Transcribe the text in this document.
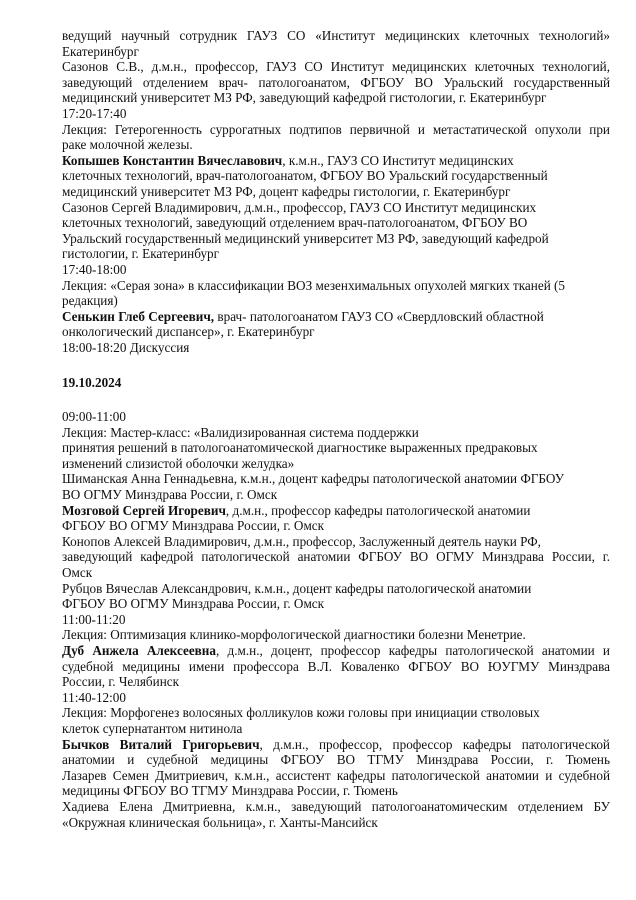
ведущий научный сотрудник ГАУЗ СО «Институт медицинских клеточных технологий»
Екатеринбург
Сазонов С.В., д.м.н., профессор, ГАУЗ СО Институт медицинских клеточных технологий,
заведующий отделением врач- патологоанатом, ФГБОУ ВО Уральский государственный
медицинский университет МЗ РФ, заведующий кафедрой гистологии, г. Екатеринбург
17:20-17:40
Лекция: Гетерогенность суррогатных подтипов первичной и метастатической опухоли при
раке молочной железы.
Копышев Константин Вячеславович, к.м.н., ГАУЗ СО Институт медицинских
клеточных технологий, врач-патологоанатом, ФГБОУ ВО Уральский государственный
медицинский университет МЗ РФ, доцент кафедры гистологии, г. Екатеринбург
Сазонов Сергей Владимирович, д.м.н., профессор, ГАУЗ СО Институт медицинских
клеточных технологий, заведующий отделением врач-патологоанатом, ФГБОУ ВО
Уральский государственный медицинский университет МЗ РФ, заведующий кафедрой
гистологии, г. Екатеринбург
17:40-18:00
Лекция: «Серая зона» в классификации ВОЗ мезенхимальных опухолей мягких тканей (5
редакция)
Сенькин Глеб Сергеевич, врач- патологоанатом ГАУЗ СО «Свердловский областной
онкологический диспансер», г. Екатеринбург
18:00-18:20 Дискуссия
19.10.2024
09:00-11:00
Лекция: Мастер-класс: «Валидизированная система поддержки
принятия решений в патологоанатомической диагностике выраженных предраковых
изменений слизистой оболочки желудка»
Шиманская Анна Геннадьевна, к.м.н., доцент кафедры патологической анатомии ФГБОУ
ВО ОГМУ Минздрава России, г. Омск
Мозговой Сергей Игоревич, д.м.н., профессор кафедры патологической анатомии
ФГБОУ ВО ОГМУ Минздрава России, г. Омск
Конопов Алексей Владимирович, д.м.н., профессор, Заслуженный деятель науки РФ,
заведующий кафедрой патологической анатомии ФГБОУ ВО ОГМУ Минздрава России, г.
Омск
Рубцов Вячеслав Александрович, к.м.н., доцент кафедры патологической анатомии
ФГБОУ ВО ОГМУ Минздрава России, г. Омск
11:00-11:20
Лекция: Оптимизация клинико-морфологической диагностики болезни Менетрие.
Дуб Анжела Алексеевна, д.м.н., доцент, профессор кафедры патологической анатомии и
судебной медицины имени профессора В.Л. Коваленко ФГБОУ ВО ЮУГМУ Минздрава
России, г. Челябинск
11:40-12:00
Лекция: Морфогенез волосяных фолликулов кожи головы при инициации стволовых
клеток супернатантом нитинола
Бычков Виталий Григорьевич, д.м.н., профессор, профессор кафедры патологической
анатомии и судебной медицины ФГБОУ ВО ТГМУ Минздрава России, г. Тюмень
Лазарев Семен Дмитриевич, к.м.н., ассистент кафедры патологической анатомии и судебной
медицины ФГБОУ ВО ТГМУ Минздрава России, г. Тюмень
Хадиева Елена Дмитриевна, к.м.н., заведующий патологоанатомическим отделением БУ
«Окружная клиническая больница», г. Ханты-Мансийск
